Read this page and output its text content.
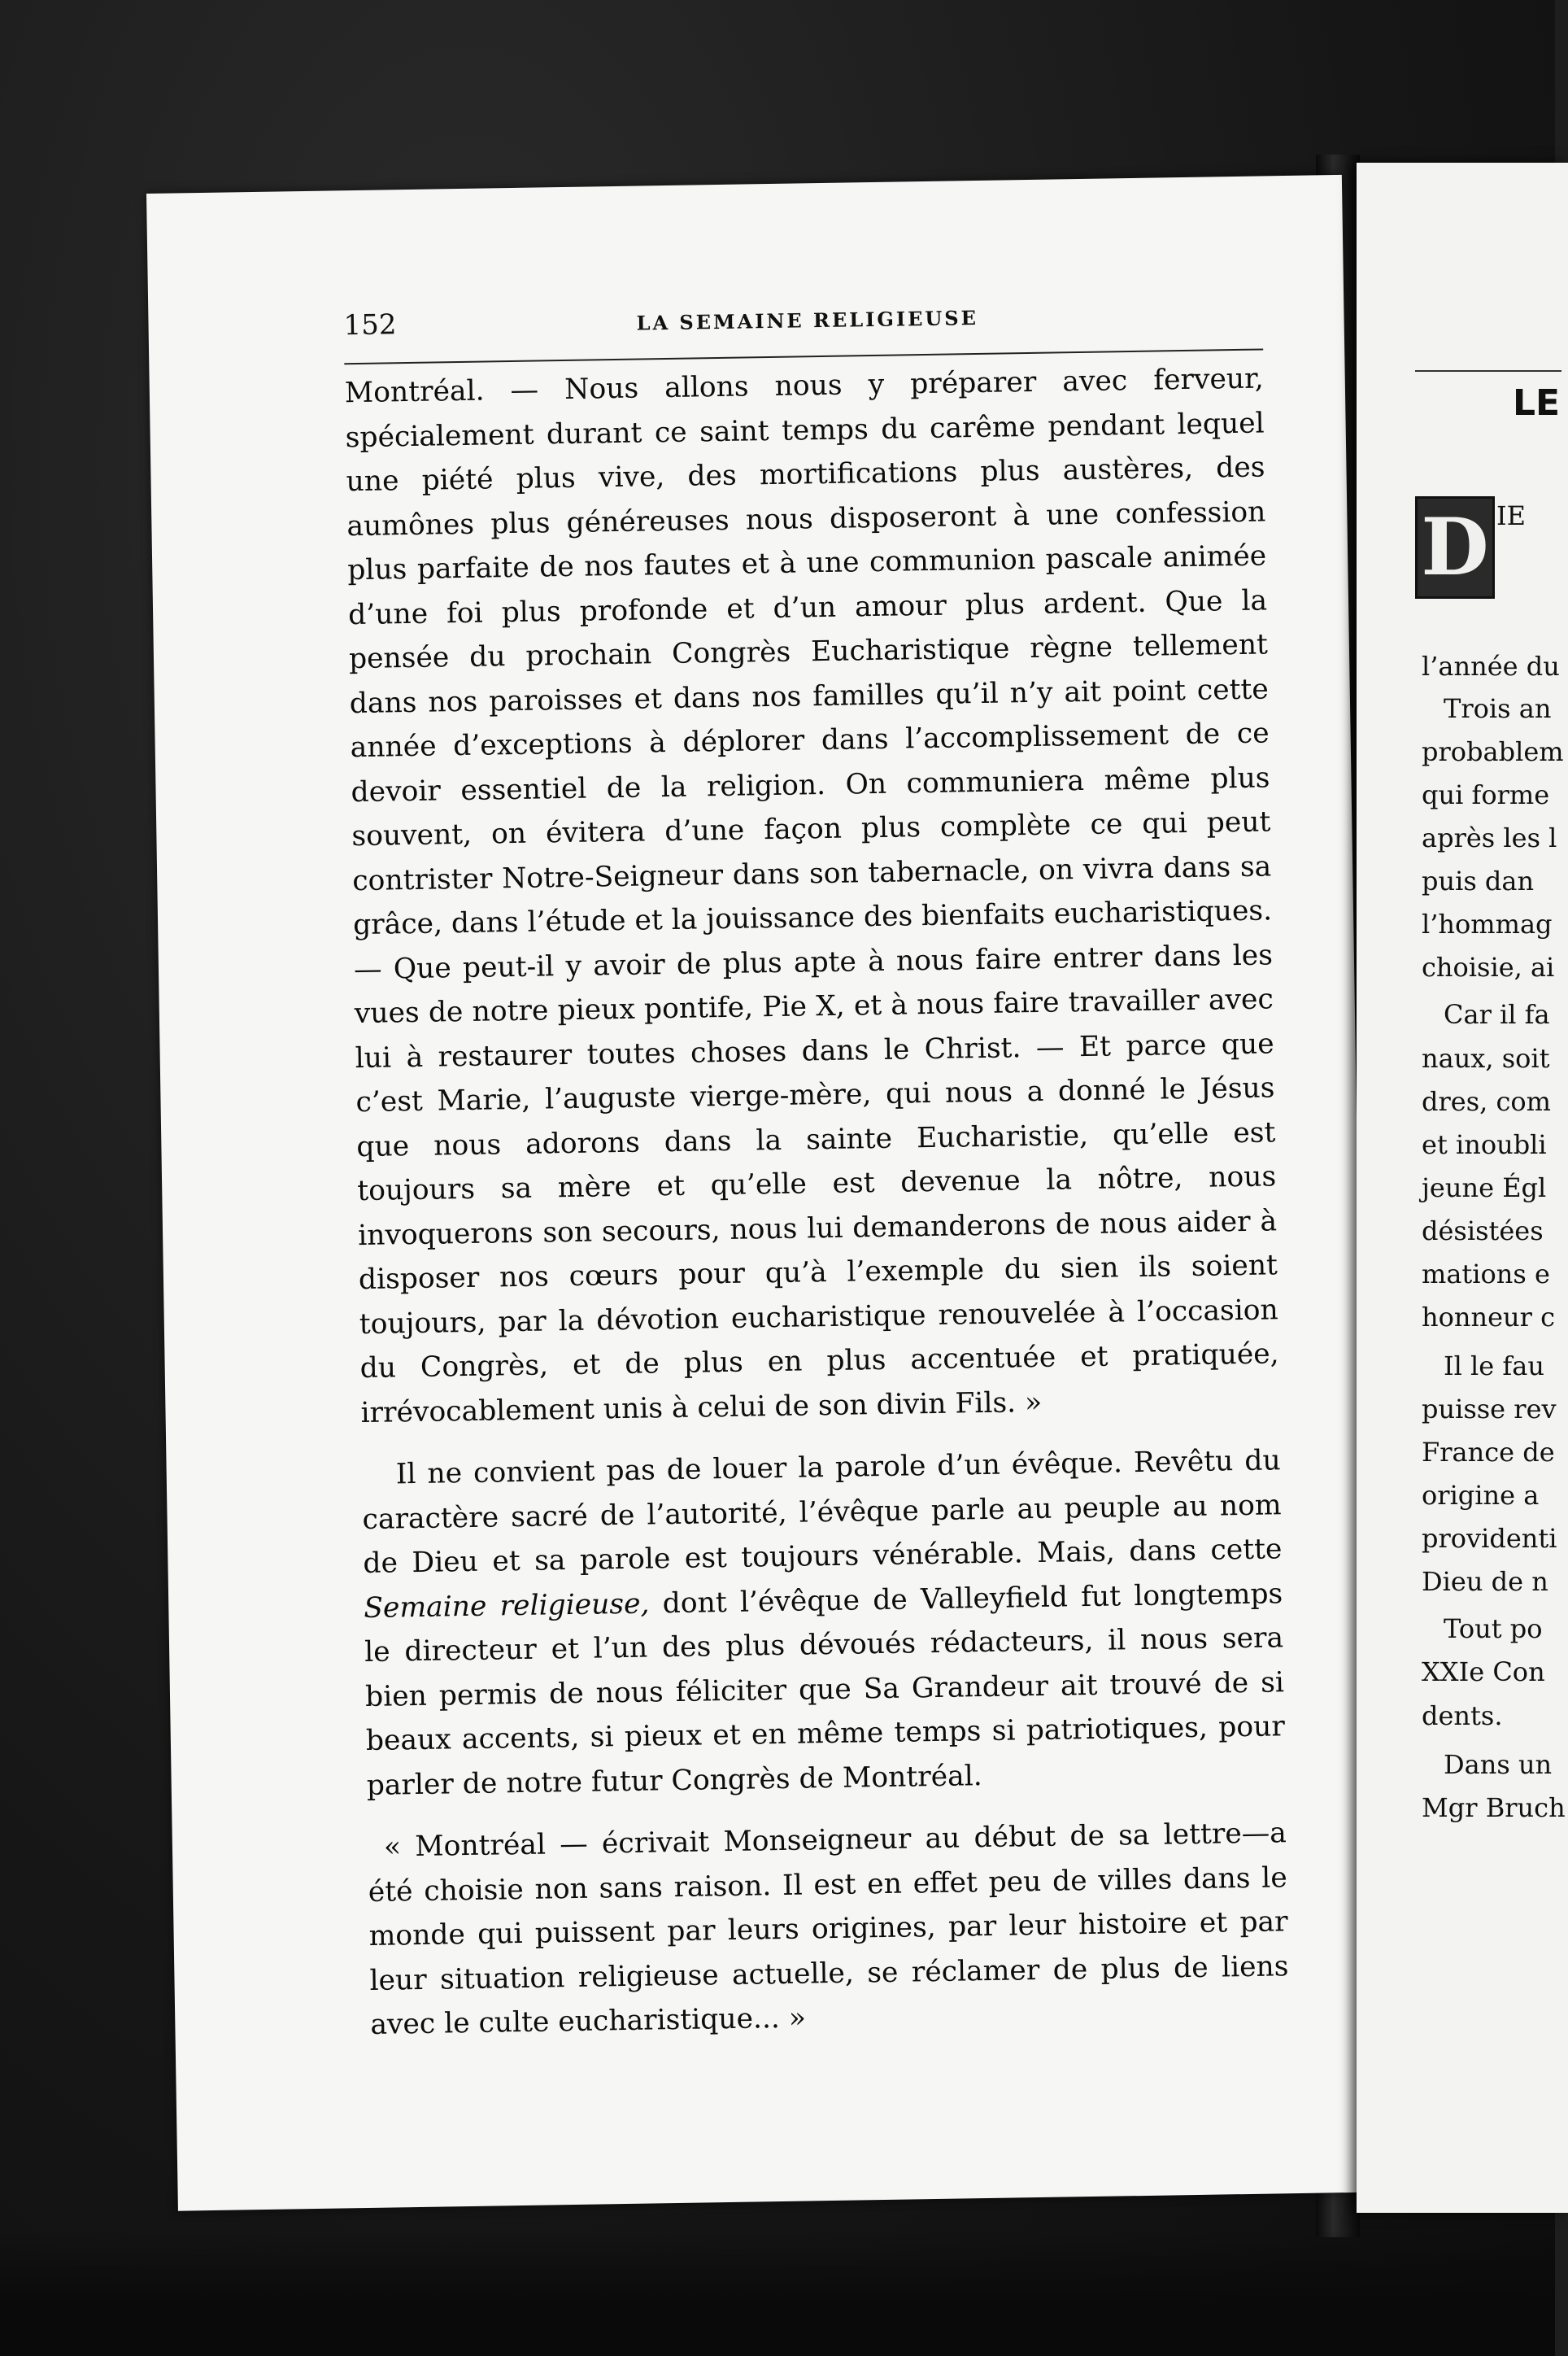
152	LA SEMAINE RELIGIEUSE

Montréal. — Nous allons nous y préparer avec ferveur, spécialement durant ce saint temps du carême pendant lequel une piété plus vive, des mortifications plus austères, des aumônes plus généreuses nous disposeront à une confession plus parfaite de nos fautes et à une communion pascale animée d’une foi plus profonde et d’un amour plus ardent. Que la pensée du prochain Congrès Eucharistique règne tellement dans nos paroisses et dans nos familles qu’il n’y ait point cette année d’exceptions à déplorer dans l’accomplissement de ce devoir essentiel de la religion. On communiera même plus souvent, on évitera d’une façon plus complète ce qui peut contrister Notre-Seigneur dans son tabernacle, on vivra dans sa grâce, dans l’étude et la jouissance des bienfaits eucharistiques. — Que peut-il y avoir de plus apte à nous faire entrer dans les vues de notre pieux pontife, Pie X, et à nous faire travailler avec lui à restaurer toutes choses dans le Christ. — Et parce que c’est Marie, l’auguste vierge-mère, qui nous a donné le Jésus que nous adorons dans la sainte Eucharistie, qu’elle est toujours sa mère et qu’elle est devenue la nôtre, nous invoquerons son secours, nous lui demanderons de nous aider à disposer nos cœurs pour qu’à l’exemple du sien ils soient toujours, par la dévotion eucharistique renouvelée à l’occasion du Congrès, et de plus en plus accentuée et pratiquée, irrévocablement unis à celui de son divin Fils. »

Il ne convient pas de louer la parole d’un évêque. Revêtu du caractère sacré de l’autorité, l’évêque parle au peuple au nom de Dieu et sa parole est toujours vénérable. Mais, dans cette Semaine religieuse, dont l’évêque de Valleyfield fut longtemps le directeur et l’un des plus dévoués rédacteurs, il nous sera bien permis de nous féliciter que Sa Grandeur ait trouvé de si beaux accents, si pieux et en même temps si patriotiques, pour parler de notre futur Congrès de Montréal.

« Montréal — écrivait Monseigneur au début de sa lettre—a été choisie non sans raison. Il est en effet peu de villes dans le monde qui puissent par leurs origines, par leur histoire et par leur situation religieuse actuelle, se réclamer de plus de liens avec le culte eucharistique... »

LE
D IE
l’année du
Trois an
probablem
qui forme
après les l
puis dan
l’hommag
choisie, ai
Car il fa
naux, soit
dres, com
et inoubli
jeune Égl
désistées
mations e
honneur c
Il le fau
puisse rev
France de
origine a
providenti
Dieu de n
Tout po
XXIe Con
dents.
Dans un
Mgr Bruch
